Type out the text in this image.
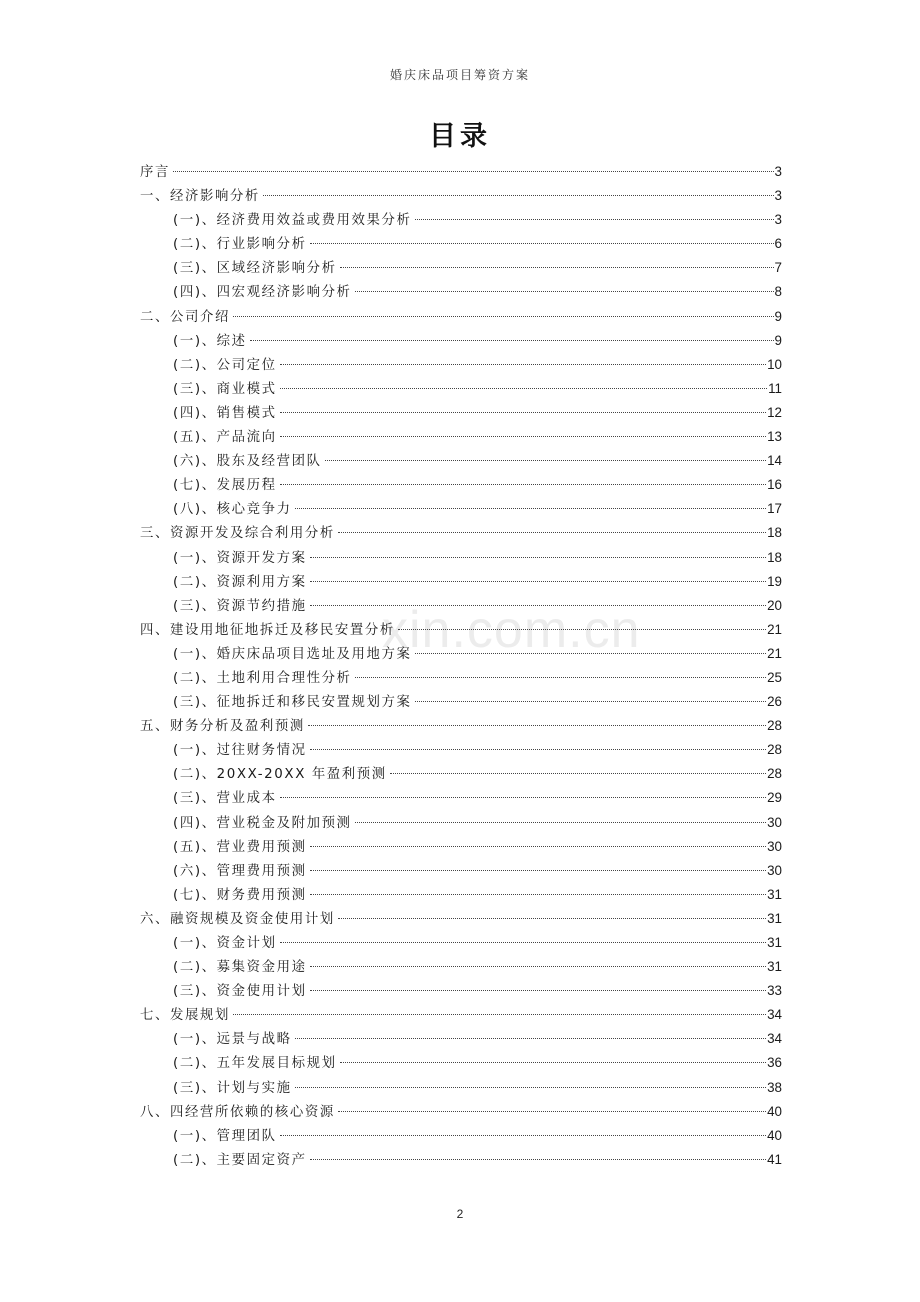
婚庆床品项目筹资方案
目录
xin.com.cn
序言	3
一、经济影响分析	3
(一)、经济费用效益或费用效果分析	3
(二)、行业影响分析	6
(三)、区域经济影响分析	7
(四)、四宏观经济影响分析	8
二、公司介绍	9
(一)、综述	9
(二)、公司定位	10
(三)、商业模式	11
(四)、销售模式	12
(五)、产品流向	13
(六)、股东及经营团队	14
(七)、发展历程	16
(八)、核心竞争力	17
三、资源开发及综合利用分析	18
(一)、资源开发方案	18
(二)、资源利用方案	19
(三)、资源节约措施	20
四、建设用地征地拆迁及移民安置分析	21
(一)、婚庆床品项目选址及用地方案	21
(二)、土地利用合理性分析	25
(三)、征地拆迁和移民安置规划方案	26
五、财务分析及盈利预测	28
(一)、过往财务情况	28
(二)、20XX-20XX 年盈利预测	28
(三)、营业成本	29
(四)、营业税金及附加预测	30
(五)、营业费用预测	30
(六)、管理费用预测	30
(七)、财务费用预测	31
六、融资规模及资金使用计划	31
(一)、资金计划	31
(二)、募集资金用途	31
(三)、资金使用计划	33
七、发展规划	34
(一)、远景与战略	34
(二)、五年发展目标规划	36
(三)、计划与实施	38
八、四经营所依赖的核心资源	40
(一)、管理团队	40
(二)、主要固定资产	41
2
